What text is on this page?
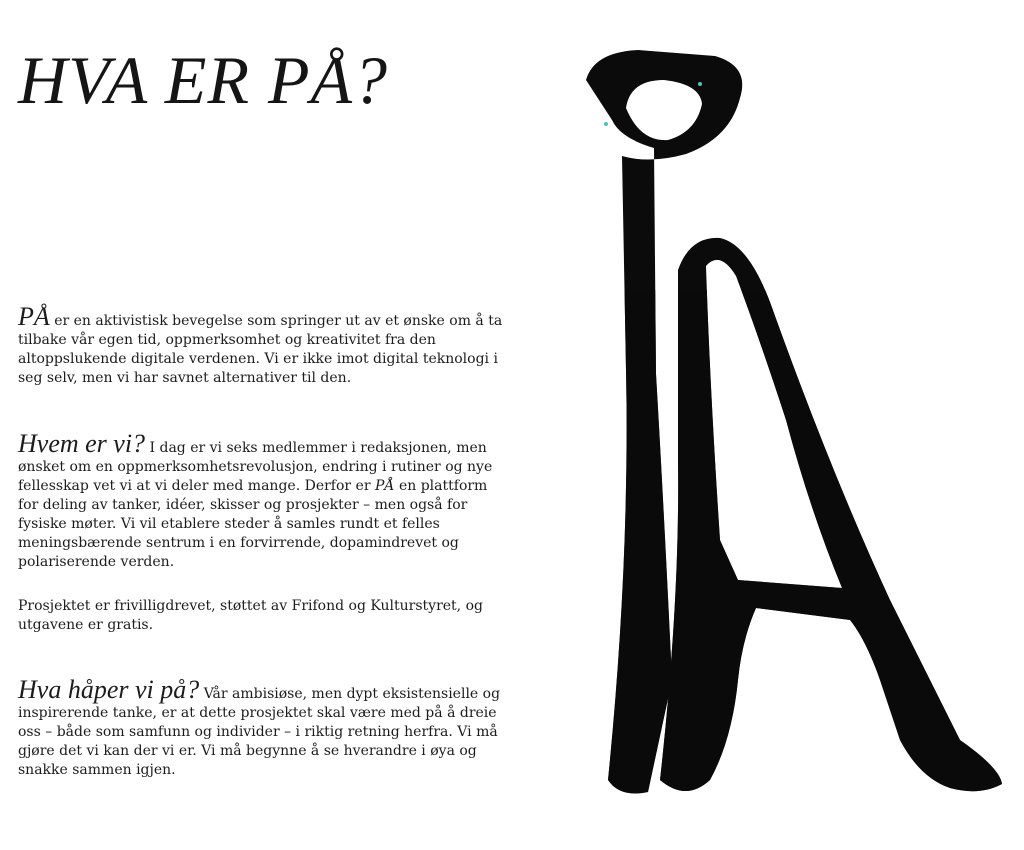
HVA ER PÅ?

PÅ er en aktivistisk bevegelse som springer ut av et ønske om å ta tilbake vår egen tid, oppmerksomhet og kreativitet fra den altoppslukende digitale verdenen. Vi er ikke imot digital teknologi i seg selv, men vi har savnet alternativer til den.

Hvem er vi? I dag er vi seks medlemmer i redaksjonen, men ønsket om en oppmerksomhetsrevolusjon, endring i rutiner og nye fellesskap vet vi at vi deler med mange. Derfor er PÅ en plattform for deling av tanker, idéer, skisser og prosjekter – men også for fysiske møter. Vi vil etablere steder å samles rundt et felles meningsbærende sentrum i en forvirrende, dopamindrevet og polariserende verden.

Prosjektet er frivilligdrevet, støttet av Frifond og Kulturstyret, og utgavene er gratis.

Hva håper vi på? Vår ambisiøse, men dypt eksistensielle og inspirerende tanke, er at dette prosjektet skal være med på å dreie oss – både som samfunn og individer – i riktig retning herfra. Vi må gjøre det vi kan der vi er. Vi må begynne å se hverandre i øya og snakke sammen igjen.
